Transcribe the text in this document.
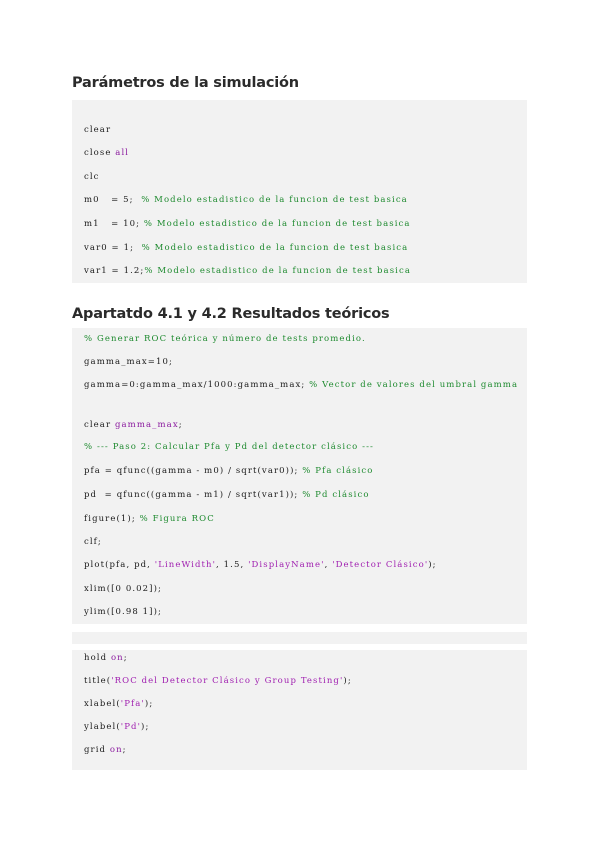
Parámetros de la simulación
clear
close all
clc
m0   = 5;  % Modelo estadistico de la funcion de test basica
m1   = 10; % Modelo estadistico de la funcion de test basica
var0 = 1;  % Modelo estadistico de la funcion de test basica
var1 = 1.2;% Modelo estadistico de la funcion de test basica
Apartatdo 4.1 y 4.2 Resultados teóricos
% Generar ROC teórica y número de tests promedio.
gamma_max=10;
gamma=0:gamma_max/1000:gamma_max; % Vector de valores del umbral gamma
clear gamma_max;
% --- Paso 2: Calcular Pfa y Pd del detector clásico ---
pfa = qfunc((gamma - m0) / sqrt(var0)); % Pfa clásico
pd  = qfunc((gamma - m1) / sqrt(var1)); % Pd clásico
figure(1); % Figura ROC
clf;
plot(pfa, pd, 'LineWidth', 1.5, 'DisplayName', 'Detector Clásico');
xlim([0 0.02]);
ylim([0.98 1]);
hold on;
title('ROC del Detector Clásico y Group Testing');
xlabel('Pfa');
ylabel('Pd');
grid on;
